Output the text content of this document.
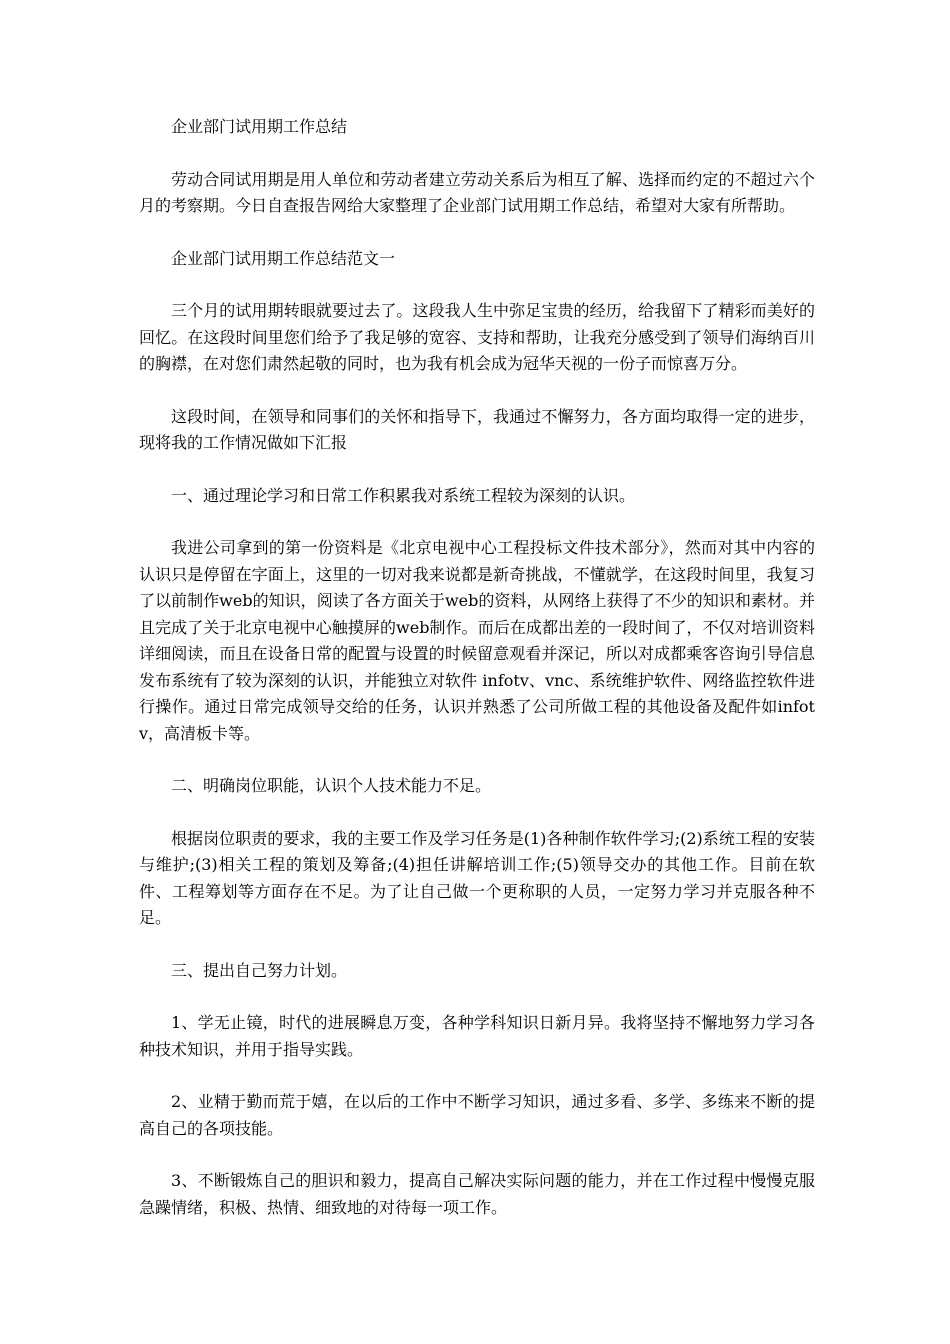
企业部门试用期工作总结

劳动合同试用期是用人单位和劳动者建立劳动关系后为相互了解、选择而约定的不超过六个月的考察期。今日自查报告网给大家整理了企业部门试用期工作总结，希望对大家有所帮助。

企业部门试用期工作总结范文一

三个月的试用期转眼就要过去了。这段我人生中弥足宝贵的经历，给我留下了精彩而美好的回忆。在这段时间里您们给予了我足够的宽容、支持和帮助，让我充分感受到了领导们海纳百川的胸襟，在对您们肃然起敬的同时，也为我有机会成为冠华天视的一份子而惊喜万分。

这段时间，在领导和同事们的关怀和指导下，我通过不懈努力，各方面均取得一定的进步，现将我的工作情况做如下汇报

一、通过理论学习和日常工作积累我对系统工程较为深刻的认识。

我进公司拿到的第一份资料是《北京电视中心工程投标文件技术部分》，然而对其中内容的认识只是停留在字面上，这里的一切对我来说都是新奇挑战，不懂就学，在这段时间里，我复习了以前制作web的知识，阅读了各方面关于web的资料，从网络上获得了不少的知识和素材。并且完成了关于北京电视中心触摸屏的web制作。而后在成都出差的一段时间了，不仅对培训资料详细阅读，而且在设备日常的配置与设置的时候留意观看并深记，所以对成都乘客咨询引导信息发布系统有了较为深刻的认识，并能独立对软件 infotv、vnc、系统维护软件、网络监控软件进行操作。通过日常完成领导交给的任务，认识并熟悉了公司所做工程的其他设备及配件如infotv，高清板卡等。

二、明确岗位职能，认识个人技术能力不足。

根据岗位职责的要求，我的主要工作及学习任务是(1)各种制作软件学习;(2)系统工程的安装与维护;(3)相关工程的策划及筹备;(4)担任讲解培训工作;(5)领导交办的其他工作。目前在软件、工程筹划等方面存在不足。为了让自己做一个更称职的人员，一定努力学习并克服各种不足。

三、提出自己努力计划。

1、学无止镜，时代的进展瞬息万变，各种学科知识日新月异。我将坚持不懈地努力学习各种技术知识，并用于指导实践。

2、业精于勤而荒于嬉，在以后的工作中不断学习知识，通过多看、多学、多练来不断的提高自己的各项技能。

3、不断锻炼自己的胆识和毅力，提高自己解决实际问题的能力，并在工作过程中慢慢克服急躁情绪，积极、热情、细致地的对待每一项工作。
